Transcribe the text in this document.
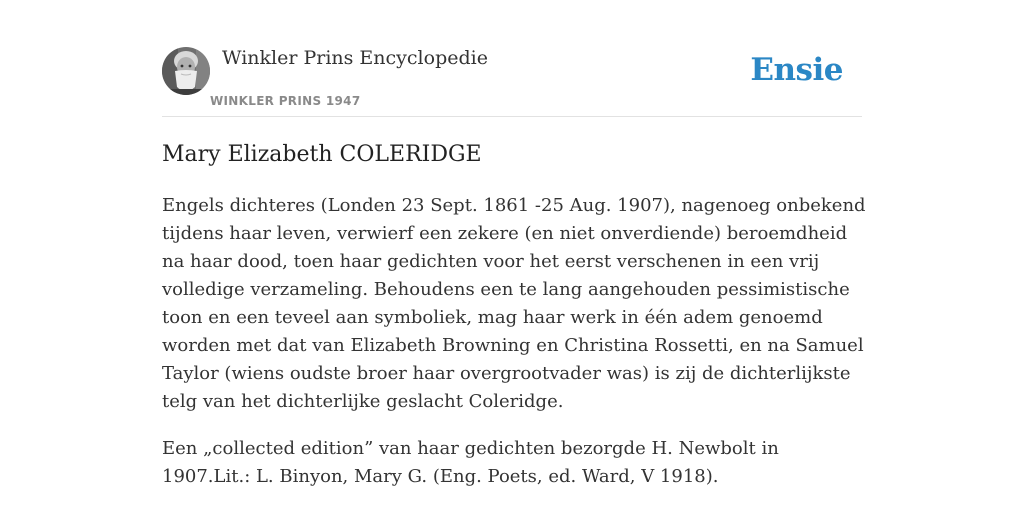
Winkler Prins Encyclopedie
WINKLER PRINS 1947
Ensie
Mary Elizabeth COLERIDGE

Engels dichteres (Londen 23 Sept. 1861 -25 Aug. 1907), nagenoeg onbekend tijdens haar leven, verwierf een zekere (en niet onverdiende) beroemdheid na haar dood, toen haar gedichten voor het eerst verschenen in een vrij volledige verzameling. Behoudens een te lang aangehouden pessimistische toon en een teveel aan symboliek, mag haar werk in één adem genoemd worden met dat van Elizabeth Browning en Christina Rossetti, en na Samuel Taylor (wiens oudste broer haar overgrootvader was) is zij de dichterlijkste telg van het dichterlijke geslacht Coleridge.

Een „collected edition” van haar gedichten bezorgde H. Newbolt in 1907.Lit.: L. Binyon, Mary G. (Eng. Poets, ed. Ward, V 1918).
